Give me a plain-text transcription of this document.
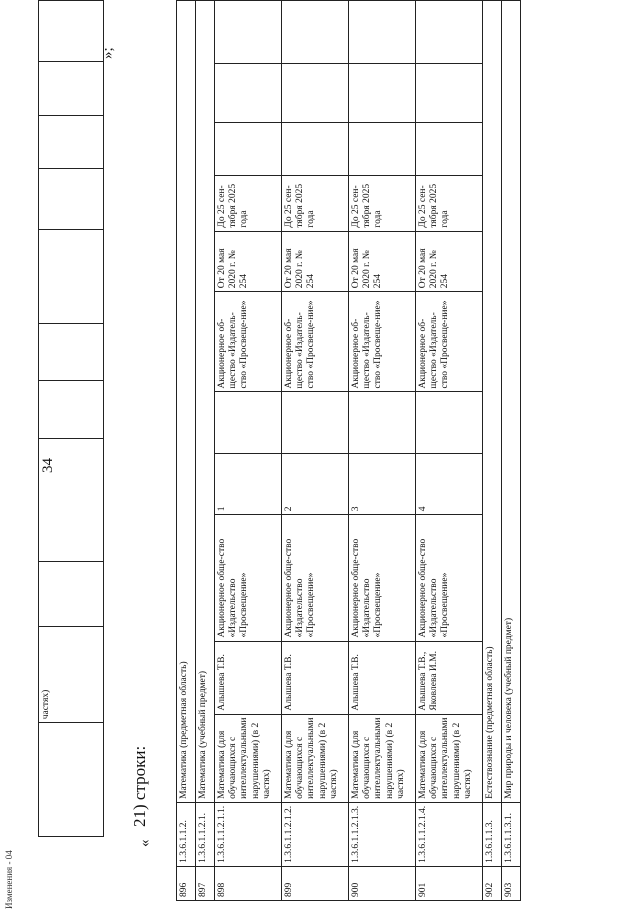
Изменения - 04
34
	частях)									
«
21) строки:
»;
896	1.3.6.1.1.2.	Математика (предметная область)										
897	1.3.6.1.1.2.1.	Математика (учебный предмет)										
898	1.3.6.1.1.2.1.1.	Математика (для обучающихся с интеллектуальными нарушениями) (в 2 частях)	Алышева Т.В.	Акционерное обще-ство «Издательство «Просвещение»	1		Акционерное об-щество «Издатель-ство «Просвеще-ние»	От 20 мая 2020 г. № 254	До 25 сен-тября 2025 года			
899	1.3.6.1.1.2.1.2.	Математика (для обучающихся с интеллектуальными нарушениями) (в 2 частях)	Алышева Т.В.	Акционерное обще-ство «Издательство «Просвещение»	2		Акционерное об-щество «Издатель-ство «Просвеще-ние»	От 20 мая 2020 г. № 254	До 25 сен-тября 2025 года			
900	1.3.6.1.1.2.1.3.	Математика (для обучающихся с интеллектуальными нарушениями) (в 2 частях)	Алышева Т.В.	Акционерное обще-ство «Издательство «Просвещение»	3		Акционерное об-щество «Издатель-ство «Просвеще-ние»	От 20 мая 2020 г. № 254	До 25 сен-тября 2025 года			
901	1.3.6.1.1.2.1.4.	Математика (для обучающихся с интеллектуальными нарушениями) (в 2 частях)	Алышева Т.В., Яковлева И.М.	Акционерное обще-ство «Издательство «Просвещение»	4		Акционерное об-щество «Издатель-ство «Просвеще-ние»	От 20 мая 2020 г. № 254	До 25 сен-тября 2025 года			
902	1.3.6.1.1.3.	Естествознание (предметная область)										
903	1.3.6.1.1.3.1.	Мир природы и человека (учебный предмет)										
